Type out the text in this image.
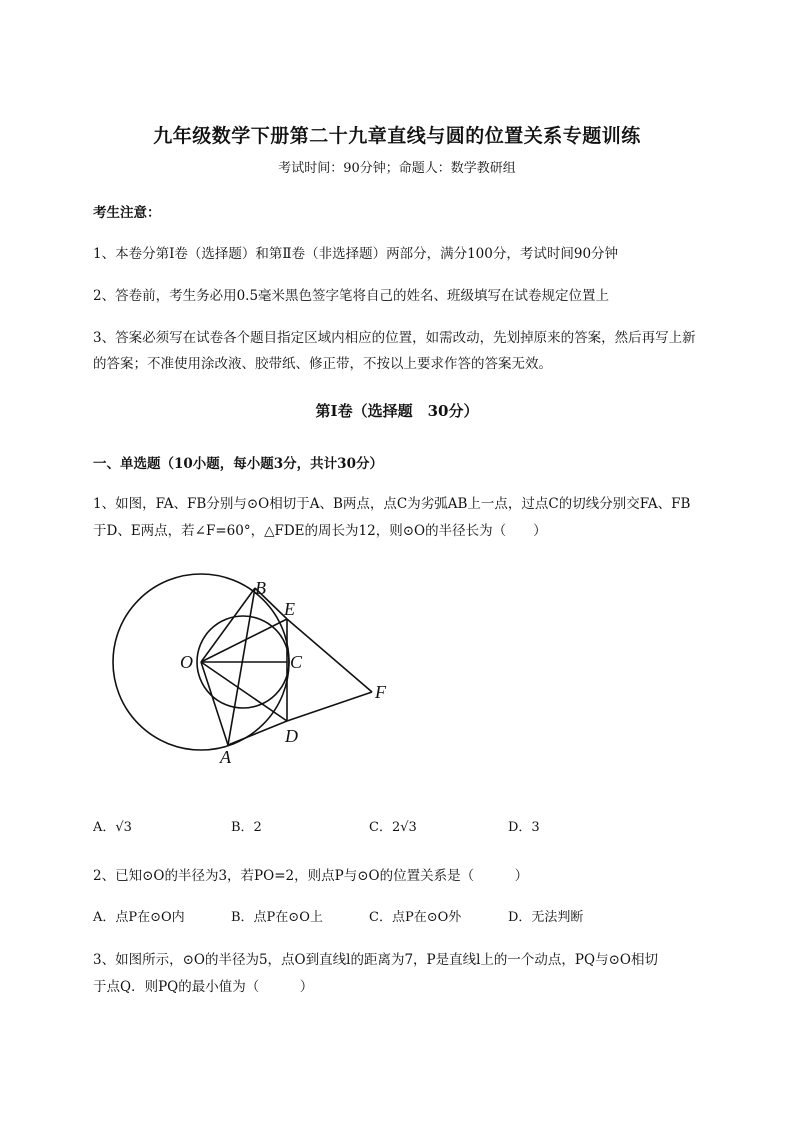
九年级数学下册第二十九章直线与圆的位置关系专题训练
考试时间：90分钟；命题人：数学教研组
考生注意：
1、本卷分第Ⅰ卷（选择题）和第Ⅱ卷（非选择题）两部分，满分100分，考试时间90分钟
2、答卷前，考生务必用0.5毫米黑色签字笔将自己的姓名、班级填写在试卷规定位置上
3、答案必须写在试卷各个题目指定区域内相应的位置，如需改动，先划掉原来的答案，然后再写上新
的答案；不准使用涂改液、胶带纸、修正带，不按以上要求作答的答案无效。
第Ⅰ卷（选择题　30分）
一、单选题（10小题，每小题3分，共计30分）
1、如图，FA、FB分别与⊙O相切于A、B两点，点C为劣弧AB上一点，过点C的切线分别交FA、FB
于D、E两点，若∠F=60°，△FDE的周长为12，则⊙O的半径长为（　　）
B
E
O	C
F
D
A
A．√3	B．2	C．2√3	D．3
2、已知⊙O的半径为3，若PO=2，则点P与⊙O的位置关系是（　　　）
A．点P在⊙O内	B．点P在⊙O上	C．点P在⊙O外	D．无法判断
3、如图所示，⊙O的半径为5，点O到直线l的距离为7，P是直线l上的一个动点，PQ与⊙O相切
于点Q．则PQ的最小值为（　　　）
